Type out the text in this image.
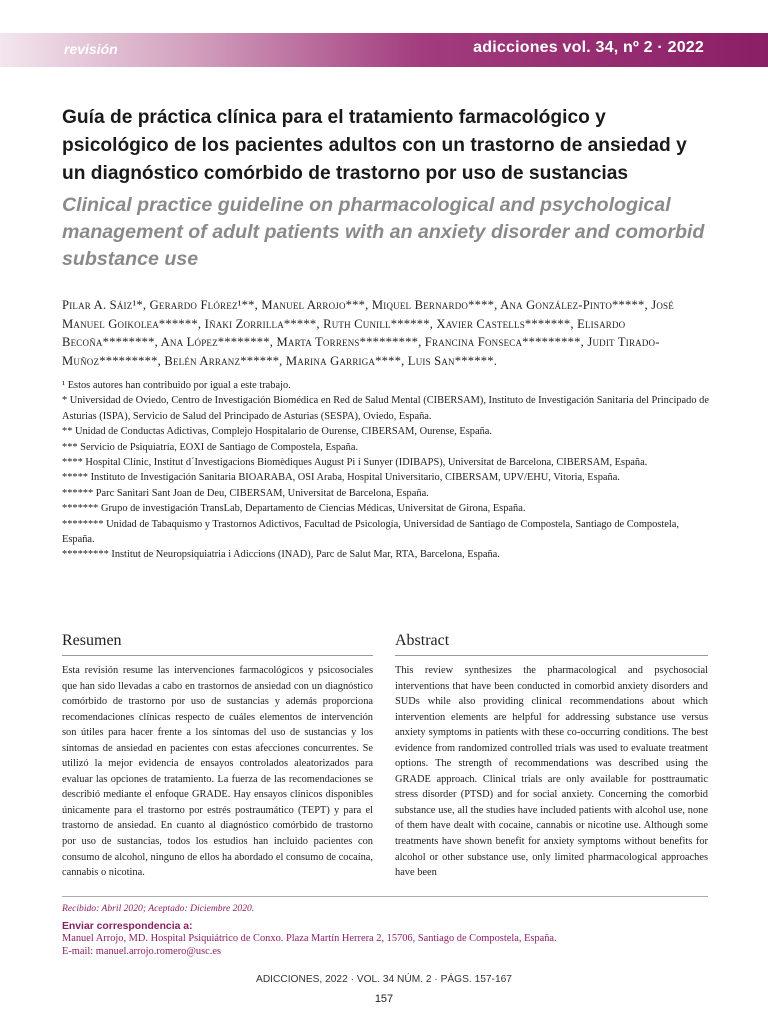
revisión	adicciones vol. 34, nº 2 · 2022
Guía de práctica clínica para el tratamiento farmacológico y psicológico de los pacientes adultos con un trastorno de ansiedad y un diagnóstico comórbido de trastorno por uso de sustancias
Clinical practice guideline on pharmacological and psychological management of adult patients with an anxiety disorder and comorbid substance use

Pilar A. Sáiz¹*, Gerardo Flórez¹**, Manuel Arrojo***, Miquel Bernardo****, Ana González-Pinto*****, José Manuel Goikolea******, Iñaki Zorrilla*****, Ruth Cunill******, Xavier Castells*******, Elisardo Becoña********, Ana López********, Marta Torrens*********, Francina Fonseca*********, Judit Tirado-Muñoz*********, Belén Arranz******, Marina Garriga****, Luis San******.

¹ Estos autores han contribuido por igual a este trabajo.
* Universidad de Oviedo, Centro de Investigación Biomédica en Red de Salud Mental (CIBERSAM), Instituto de Investigación Sanitaria del Principado de Asturias (ISPA), Servicio de Salud del Principado de Asturias (SESPA), Oviedo, España.
** Unidad de Conductas Adictivas, Complejo Hospitalario de Ourense, CIBERSAM, Ourense, España.
*** Servicio de Psiquiatría, EOXI de Santiago de Compostela, España.
**** Hospital Clínic, Institut d´Investigacions Biomèdiques August Pi i Sunyer (IDIBAPS), Universitat de Barcelona, CIBERSAM, España.
***** Instituto de Investigación Sanitaria BIOARABA, OSI Araba, Hospital Universitario, CIBERSAM, UPV/EHU, Vitoria, España.
****** Parc Sanitari Sant Joan de Deu, CIBERSAM, Universitat de Barcelona, España.
******* Grupo de investigación TransLab, Departamento de Ciencias Médicas, Universitat de Girona, España.
******** Unidad de Tabaquismo y Trastornos Adictivos, Facultad de Psicología, Universidad de Santiago de Compostela, Santiago de Compostela, España.
********* Institut de Neuropsiquiatria i Adiccions (INAD), Parc de Salut Mar, RTA, Barcelona, España.
Resumen

Esta revisión resume las intervenciones farmacológicos y psicosociales que han sido llevadas a cabo en trastornos de ansiedad con un diagnóstico comórbido de trastorno por uso de sustancias y además proporciona recomendaciones clínicas respecto de cuáles elementos de intervención son útiles para hacer frente a los síntomas del uso de sustancias y los síntomas de ansiedad en pacientes con estas afecciones concurrentes. Se utilizó la mejor evidencia de ensayos controlados aleatorizados para evaluar las opciones de tratamiento. La fuerza de las recomendaciones se describió mediante el enfoque GRADE. Hay ensayos clínicos disponibles únicamente para el trastorno por estrés postraumático (TEPT) y para el trastorno de ansiedad. En cuanto al diagnóstico comórbido de trastorno por uso de sustancias, todos los estudios han incluido pacientes con consumo de alcohol, ninguno de ellos ha abordado el consumo de cocaína, cannabis o nicotina.

Abstract

This review synthesizes the pharmacological and psychosocial interventions that have been conducted in comorbid anxiety disorders and SUDs while also providing clinical recommendations about which intervention elements are helpful for addressing substance use versus anxiety symptoms in patients with these co-occurring conditions. The best evidence from randomized controlled trials was used to evaluate treatment options. The strength of recommendations was described using the GRADE approach. Clinical trials are only available for posttraumatic stress disorder (PTSD) and for social anxiety. Concerning the comorbid substance use, all the studies have included patients with alcohol use, none of them have dealt with cocaine, cannabis or nicotine use. Although some treatments have shown benefit for anxiety symptoms without benefits for alcohol or other substance use, only limited pharmacological approaches have been

Recibido: Abril 2020; Aceptado: Diciembre 2020.
Enviar correspondencia a:
Manuel Arrojo, MD. Hospital Psiquiátrico de Conxo. Plaza Martín Herrera 2, 15706, Santiago de Compostela, España.
E-mail: manuel.arrojo.romero@usc.es
ADICCIONES, 2022 · VOL. 34 NÚM. 2 · PÁGS. 157-167
157
